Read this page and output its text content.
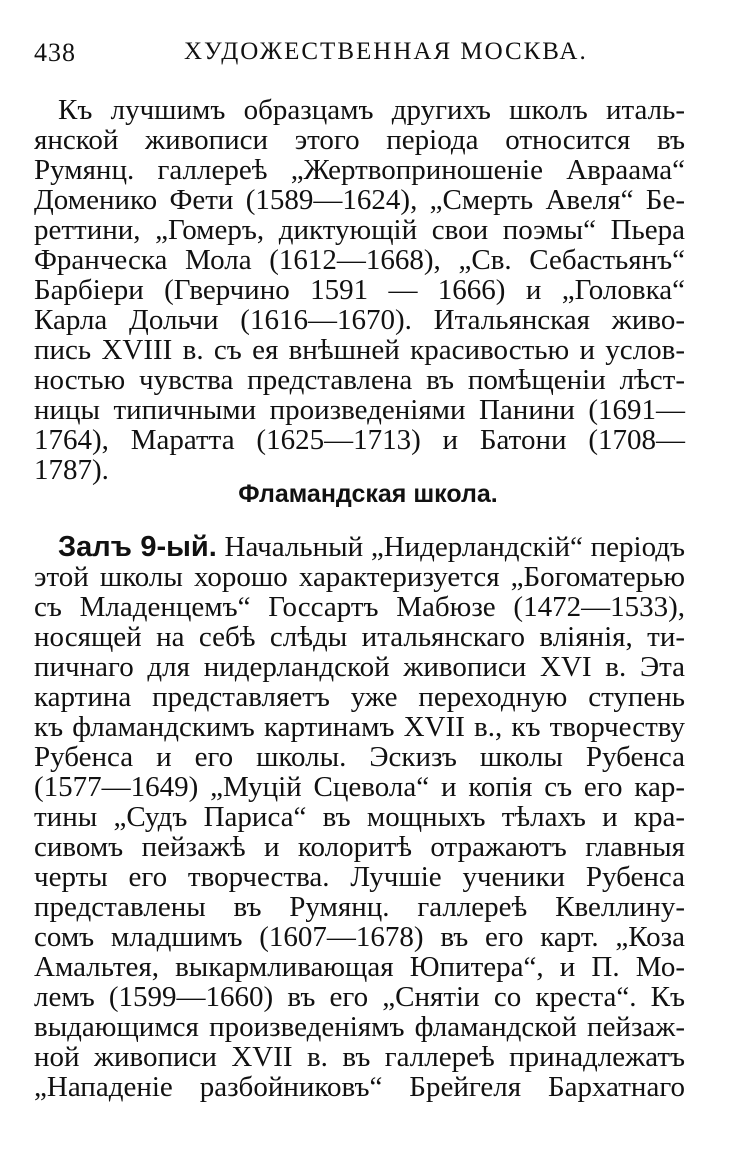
438	ХУДОЖЕСТВЕННАЯ МОСКВА.
Къ лучшимъ образцамъ другихъ школъ италь-
янской живописи этого періода относится въ
Румянц. галлереѣ „Жертвоприношеніе Авраама“
Доменико Фети (1589—1624), „Смерть Авеля“ Бе-
реттини, „Гомеръ, диктующій свои поэмы“ Пьера
Франческа Мола (1612—1668), „Св. Себастьянъ“
Барбіери (Гверчино 1591 — 1666) и „Головка“
Карла Дольчи (1616—1670). Итальянская живо-
пись XVIII в. съ ея внѣшней красивостью и услов-
ностью чувства представлена въ помѣщеніи лѣст-
ницы типичными произведеніями Панини (1691—
1764), Маратта (1625—1713) и Батони (1708—
1787).
Фламандская школа.
Залъ 9-ый. Начальный „Нидерландскій“ періодъ
этой школы хорошо характеризуется „Богоматерью
съ Младенцемъ“ Госсартъ Мабюзе (1472—1533),
носящей на себѣ слѣды итальянскаго вліянія, ти-
пичнаго для нидерландской живописи XVI в. Эта
картина представляетъ уже переходную ступень
къ фламандскимъ картинамъ XVII в., къ творчеству
Рубенса и его школы. Эскизъ школы Рубенса
(1577—1649) „Муцій Сцевола“ и копія съ его кар-
тины „Судъ Париса“ въ мощныхъ тѣлахъ и кра-
сивомъ пейзажѣ и колоритѣ отражаютъ главныя
черты его творчества. Лучшіе ученики Рубенса
представлены въ Румянц. галлереѣ Квеллину-
сомъ младшимъ (1607—1678) въ его карт. „Коза
Амальтея, выкармливающая Юпитера“, и П. Мо-
лемъ (1599—1660) въ его „Снятіи со креста“. Къ
выдающимся произведеніямъ фламандской пейзаж-
ной живописи XVII в. въ галлереѣ принадлежатъ
„Нападеніе разбойниковъ“ Брейгеля Бархатнаго
